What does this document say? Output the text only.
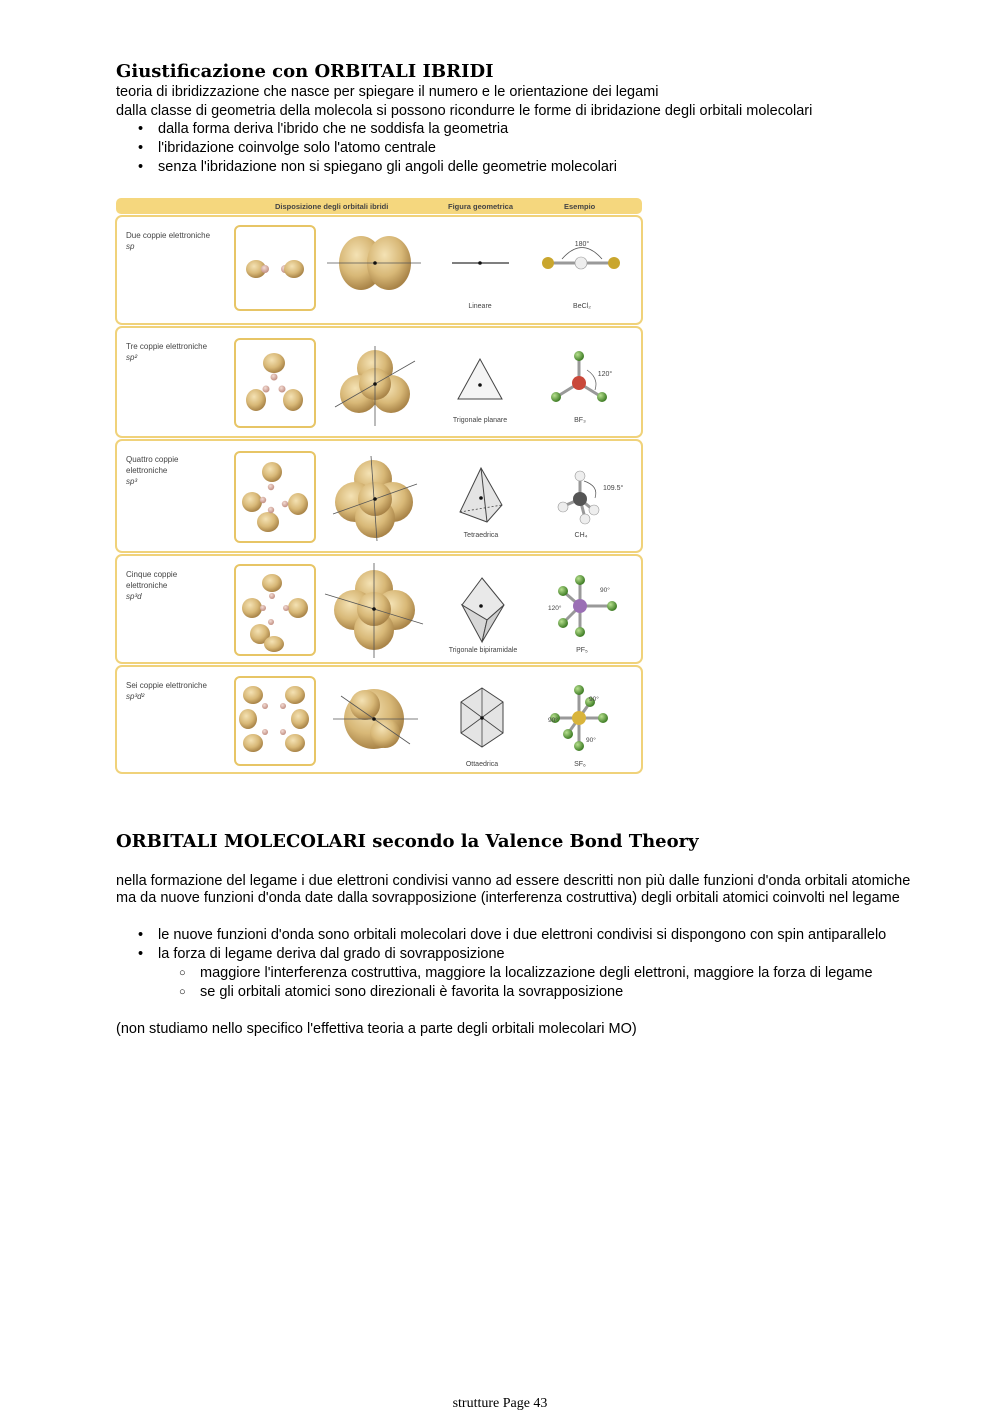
Giustificazione con ORBITALI IBRIDI
teoria di ibridizzazione che nasce per spiegare il numero e le orientazione dei legami
dalla classe di geometria della molecola si possono ricondurre le forme di ibridazione degli orbitali molecolari
• dalla forma deriva l'ibrido che ne soddisfa la geometria
• l'ibridazione coinvolge solo l'atomo centrale
• senza l'ibridazione non si spiegano gli angoli delle geometrie molecolari
Disposizione degli orbitali ibridi	Figura geometrica	Esempio
Due coppie elettroniche
sp
Lineare
180°
BeCl₂
Tre coppie elettroniche
sp²
Trigonale planare
120°
BF₃
Quattro coppie
elettroniche
sp³
Tetraedrica
109.5°
CH₄
Cinque coppie
elettroniche
sp³d
Trigonale bipiramidale
90°
120°
PF₅
Sei coppie elettroniche
sp³d²
Ottaedrica
90°
90°
90°
SF₆
ORBITALI MOLECOLARI secondo la Valence Bond Theory
nella formazione del legame i due elettroni condivisi vanno ad essere descritti non più dalle funzioni d'onda orbitali atomiche
ma da nuove funzioni d'onda date dalla sovrapposizione (interferenza costruttiva) degli orbitali atomici coinvolti nel legame
• le nuove funzioni d'onda sono orbitali molecolari dove i due elettroni condivisi si dispongono con spin antiparallelo
• la forza di legame deriva dal grado di sovrapposizione
○ maggiore l'interferenza costruttiva, maggiore la localizzazione degli elettroni, maggiore la forza di legame
○ se gli orbitali atomici sono direzionali è favorita la sovrapposizione
(non studiamo nello specifico l'effettiva teoria a parte degli orbitali molecolari MO)
strutture Page 43
